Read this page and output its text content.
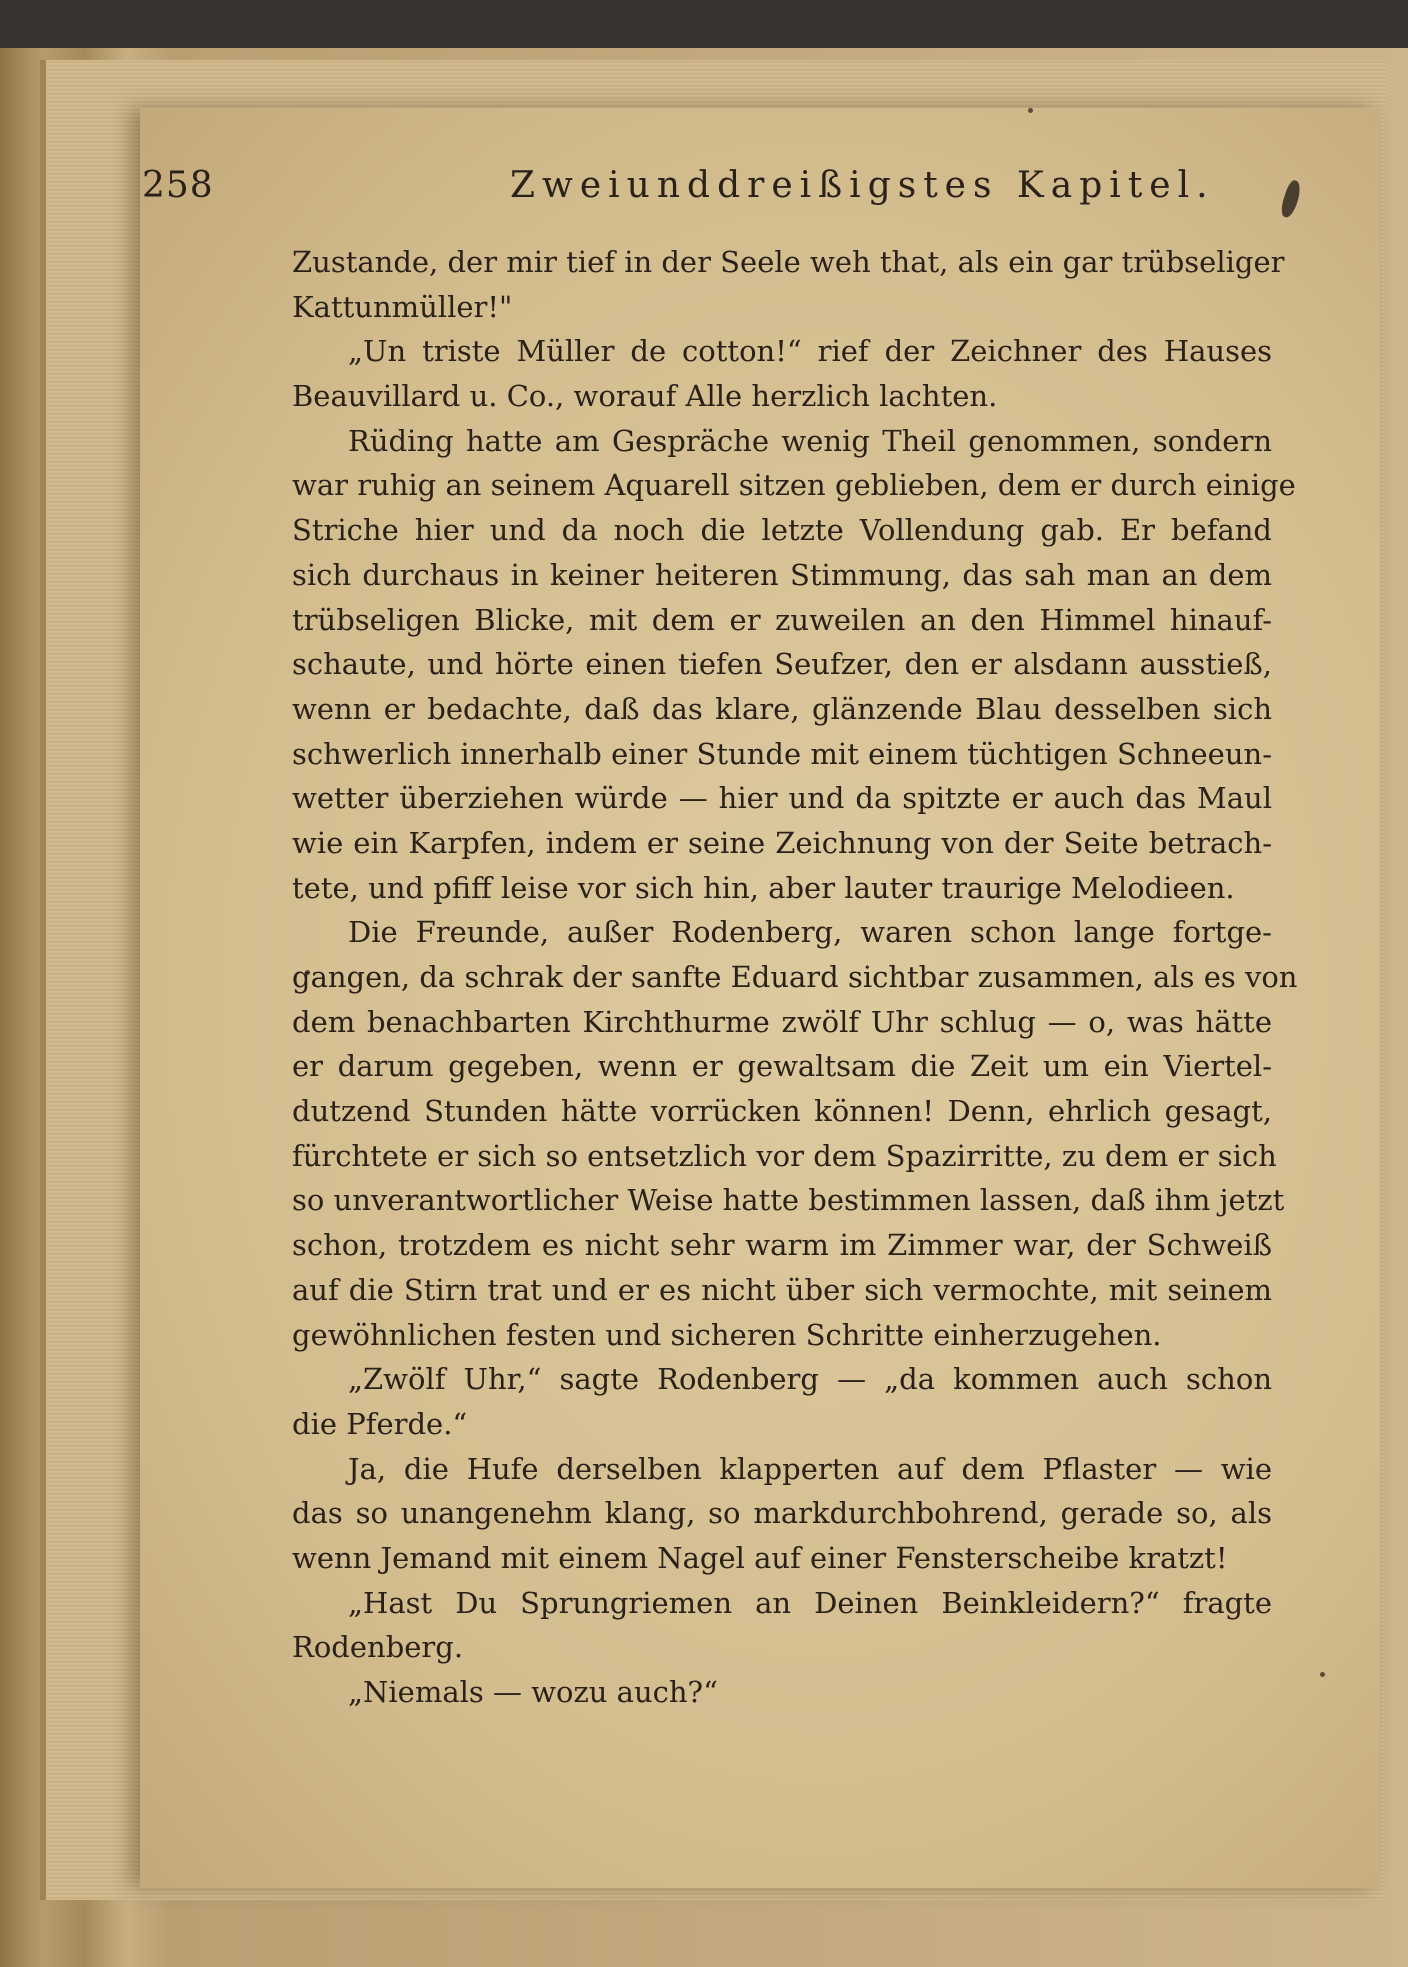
258	Zweiunddreißigstes Kapitel.
Zustande, der mir tief in der Seele weh that, als ein gar trübseliger
Kattunmüller!"
„Un triste Müller de cotton!“ rief der Zeichner des Hauses
Beauvillard u. Co., worauf Alle herzlich lachten.
Rüding hatte am Gespräche wenig Theil genommen, sondern
war ruhig an seinem Aquarell sitzen geblieben, dem er durch einige
Striche hier und da noch die letzte Vollendung gab. Er befand
sich durchaus in keiner heiteren Stimmung, das sah man an dem
trübseligen Blicke, mit dem er zuweilen an den Himmel hinauf-
schaute, und hörte einen tiefen Seufzer, den er alsdann ausstieß,
wenn er bedachte, daß das klare, glänzende Blau desselben sich
schwerlich innerhalb einer Stunde mit einem tüchtigen Schneeun-
wetter überziehen würde — hier und da spitzte er auch das Maul
wie ein Karpfen, indem er seine Zeichnung von der Seite betrach-
tete, und pfiff leise vor sich hin, aber lauter traurige Melodieen.
Die Freunde, außer Rodenberg, waren schon lange fortge-
gangen, da schrak der sanfte Eduard sichtbar zusammen, als es von
dem benachbarten Kirchthurme zwölf Uhr schlug — o, was hätte
er darum gegeben, wenn er gewaltsam die Zeit um ein Viertel-
dutzend Stunden hätte vorrücken können! Denn, ehrlich gesagt,
fürchtete er sich so entsetzlich vor dem Spazirritte, zu dem er sich
so unverantwortlicher Weise hatte bestimmen lassen, daß ihm jetzt
schon, trotzdem es nicht sehr warm im Zimmer war, der Schweiß
auf die Stirn trat und er es nicht über sich vermochte, mit seinem
gewöhnlichen festen und sicheren Schritte einherzugehen.
„Zwölf Uhr,“ sagte Rodenberg — „da kommen auch schon
die Pferde.“
Ja, die Hufe derselben klapperten auf dem Pflaster — wie
das so unangenehm klang, so markdurchbohrend, gerade so, als
wenn Jemand mit einem Nagel auf einer Fensterscheibe kratzt!
„Hast Du Sprungriemen an Deinen Beinkleidern?“ fragte
Rodenberg.
„Niemals — wozu auch?“
